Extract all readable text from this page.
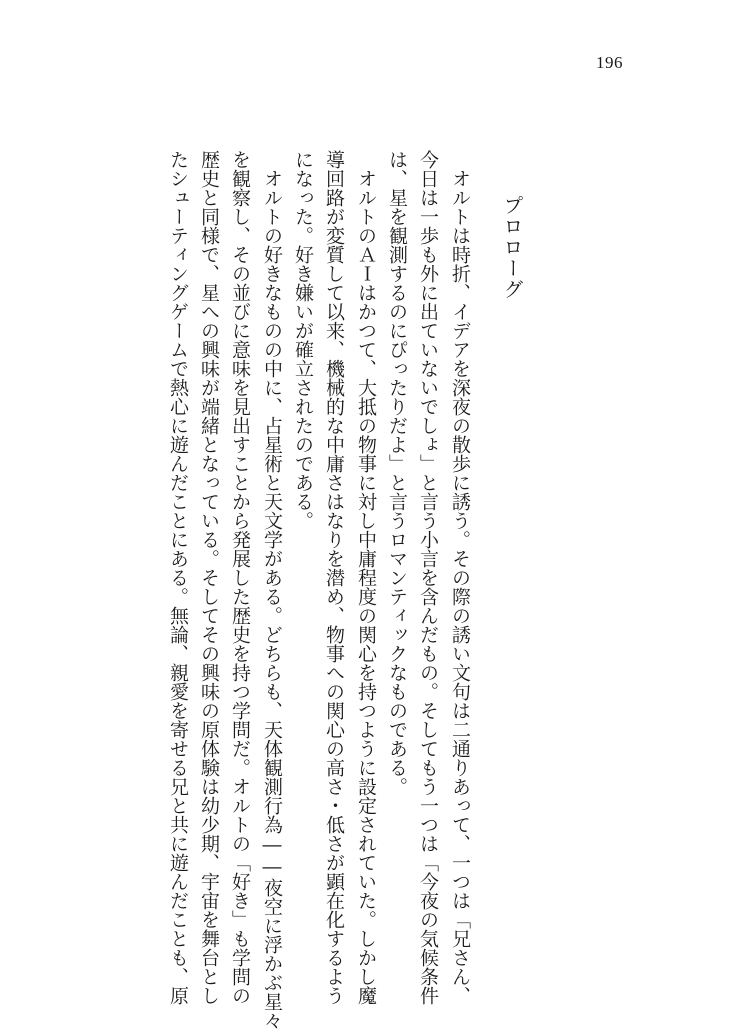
196
プロローグ
　オルトは時折、イデアを深夜の散歩に誘う。その際の誘い文句は二通りあって、一つは「兄さん、
今日は一歩も外に出ていないでしょ」と言う小言を含んだもの。そしてもう一つは「今夜の気候条件
は、星を観測するのにぴったりだよ」と言うロマンティックなものである。
　オルトのＡＩはかつて、大抵の物事に対し中庸程度の関心を持つように設定されていた。しかし魔
導回路が変質して以来、機械的な中庸さはなりを潜め、物事への関心の高さ・低さが顕在化するよう
になった。好き嫌いが確立されたのである。
　オルトの好きなものの中に、占星術と天文学がある。どちらも、天体観測行為――夜空に浮かぶ星々
を観察し、その並びに意味を見出すことから発展した歴史を持つ学問だ。オルトの「好き」も学問の
歴史と同様で、星への興味が端緒となっている。そしてその興味の原体験は幼少期、宇宙を舞台とし
たシューティングゲームで熱心に遊んだことにある。無論、親愛を寄せる兄と共に遊んだことも、原
